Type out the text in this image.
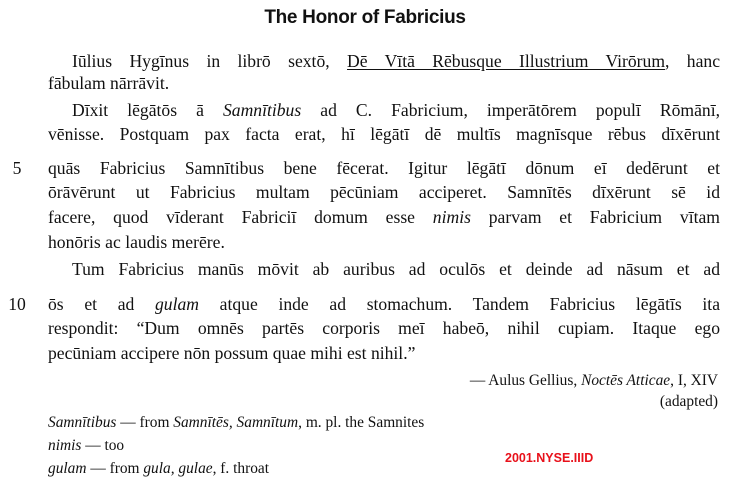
The Honor of Fabricius
Iūlius Hygīnus in librō sextō, Dē Vītā Rēbusque Illustrium Virōrum, hanc
fābulam nārrāvit.
Dīxit lēgātōs ā Samnītibus ad C. Fabricium, imperātōrem populī Rōmānī,
vēnisse. Postquam pax facta erat, hī lēgātī dē multīs magnīsque rēbus dīxērunt
5	quās Fabricius Samnītibus bene fēcerat. Igitur lēgātī dōnum eī dedērunt et
ōrāvērunt ut Fabricius multam pēcūniam acciperet. Samnītēs dīxērunt sē id
facere, quod vīderant Fabriciī domum esse nimis parvam et Fabricium vītam
honōris ac laudis merēre.
Tum Fabricius manūs mōvit ab auribus ad oculōs et deinde ad nāsum et ad
10 ōs et ad gulam atque inde ad stomachum. Tandem Fabricius lēgātīs ita
respondit: “Dum omnēs partēs corporis meī habeō, nihil cupiam. Itaque ego
pecūniam accipere nōn possum quae mihi est nihil.”
— Aulus Gellius, Noctēs Atticae, I, XIV
(adapted)
Samnītibus — from Samnītēs, Samnītum, m. pl. the Samnites
nimis — too
gulam — from gula, gulae, f. throat
2001.NYSE.IIID
